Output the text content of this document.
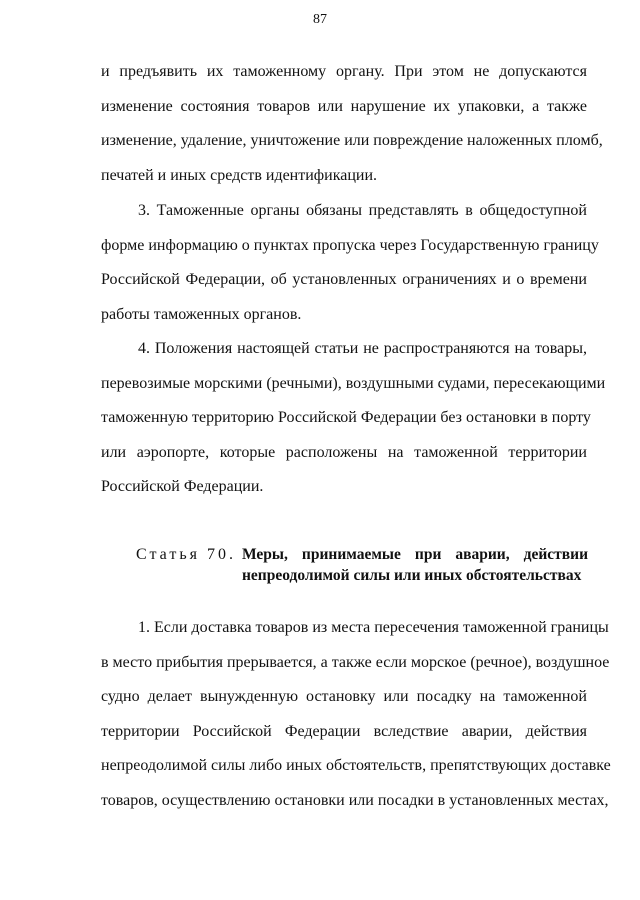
87
и предъявить их таможенному органу. При этом не допускаются
изменение состояния товаров или нарушение их упаковки, а также
изменение, удаление, уничтожение или повреждение наложенных пломб,
печатей и иных средств идентификации.
3. Таможенные органы обязаны представлять в общедоступной
форме информацию о пунктах пропуска через Государственную границу
Российской Федерации, об установленных ограничениях и о времени
работы таможенных органов.
4. Положения настоящей статьи не распространяются на товары,
перевозимые морскими (речными), воздушными судами, пересекающими
таможенную территорию Российской Федерации без остановки в порту
или аэропорте, которые расположены на таможенной территории
Российской Федерации.
Статья 70. Меры, принимаемые при аварии, действии
непреодолимой силы или иных обстоятельствах
1. Если доставка товаров из места пересечения таможенной границы
в место прибытия прерывается, а также если морское (речное), воздушное
судно делает вынужденную остановку или посадку на таможенной
территории Российской Федерации вследствие аварии, действия
непреодолимой силы либо иных обстоятельств, препятствующих доставке
товаров, осуществлению остановки или посадки в установленных местах,
